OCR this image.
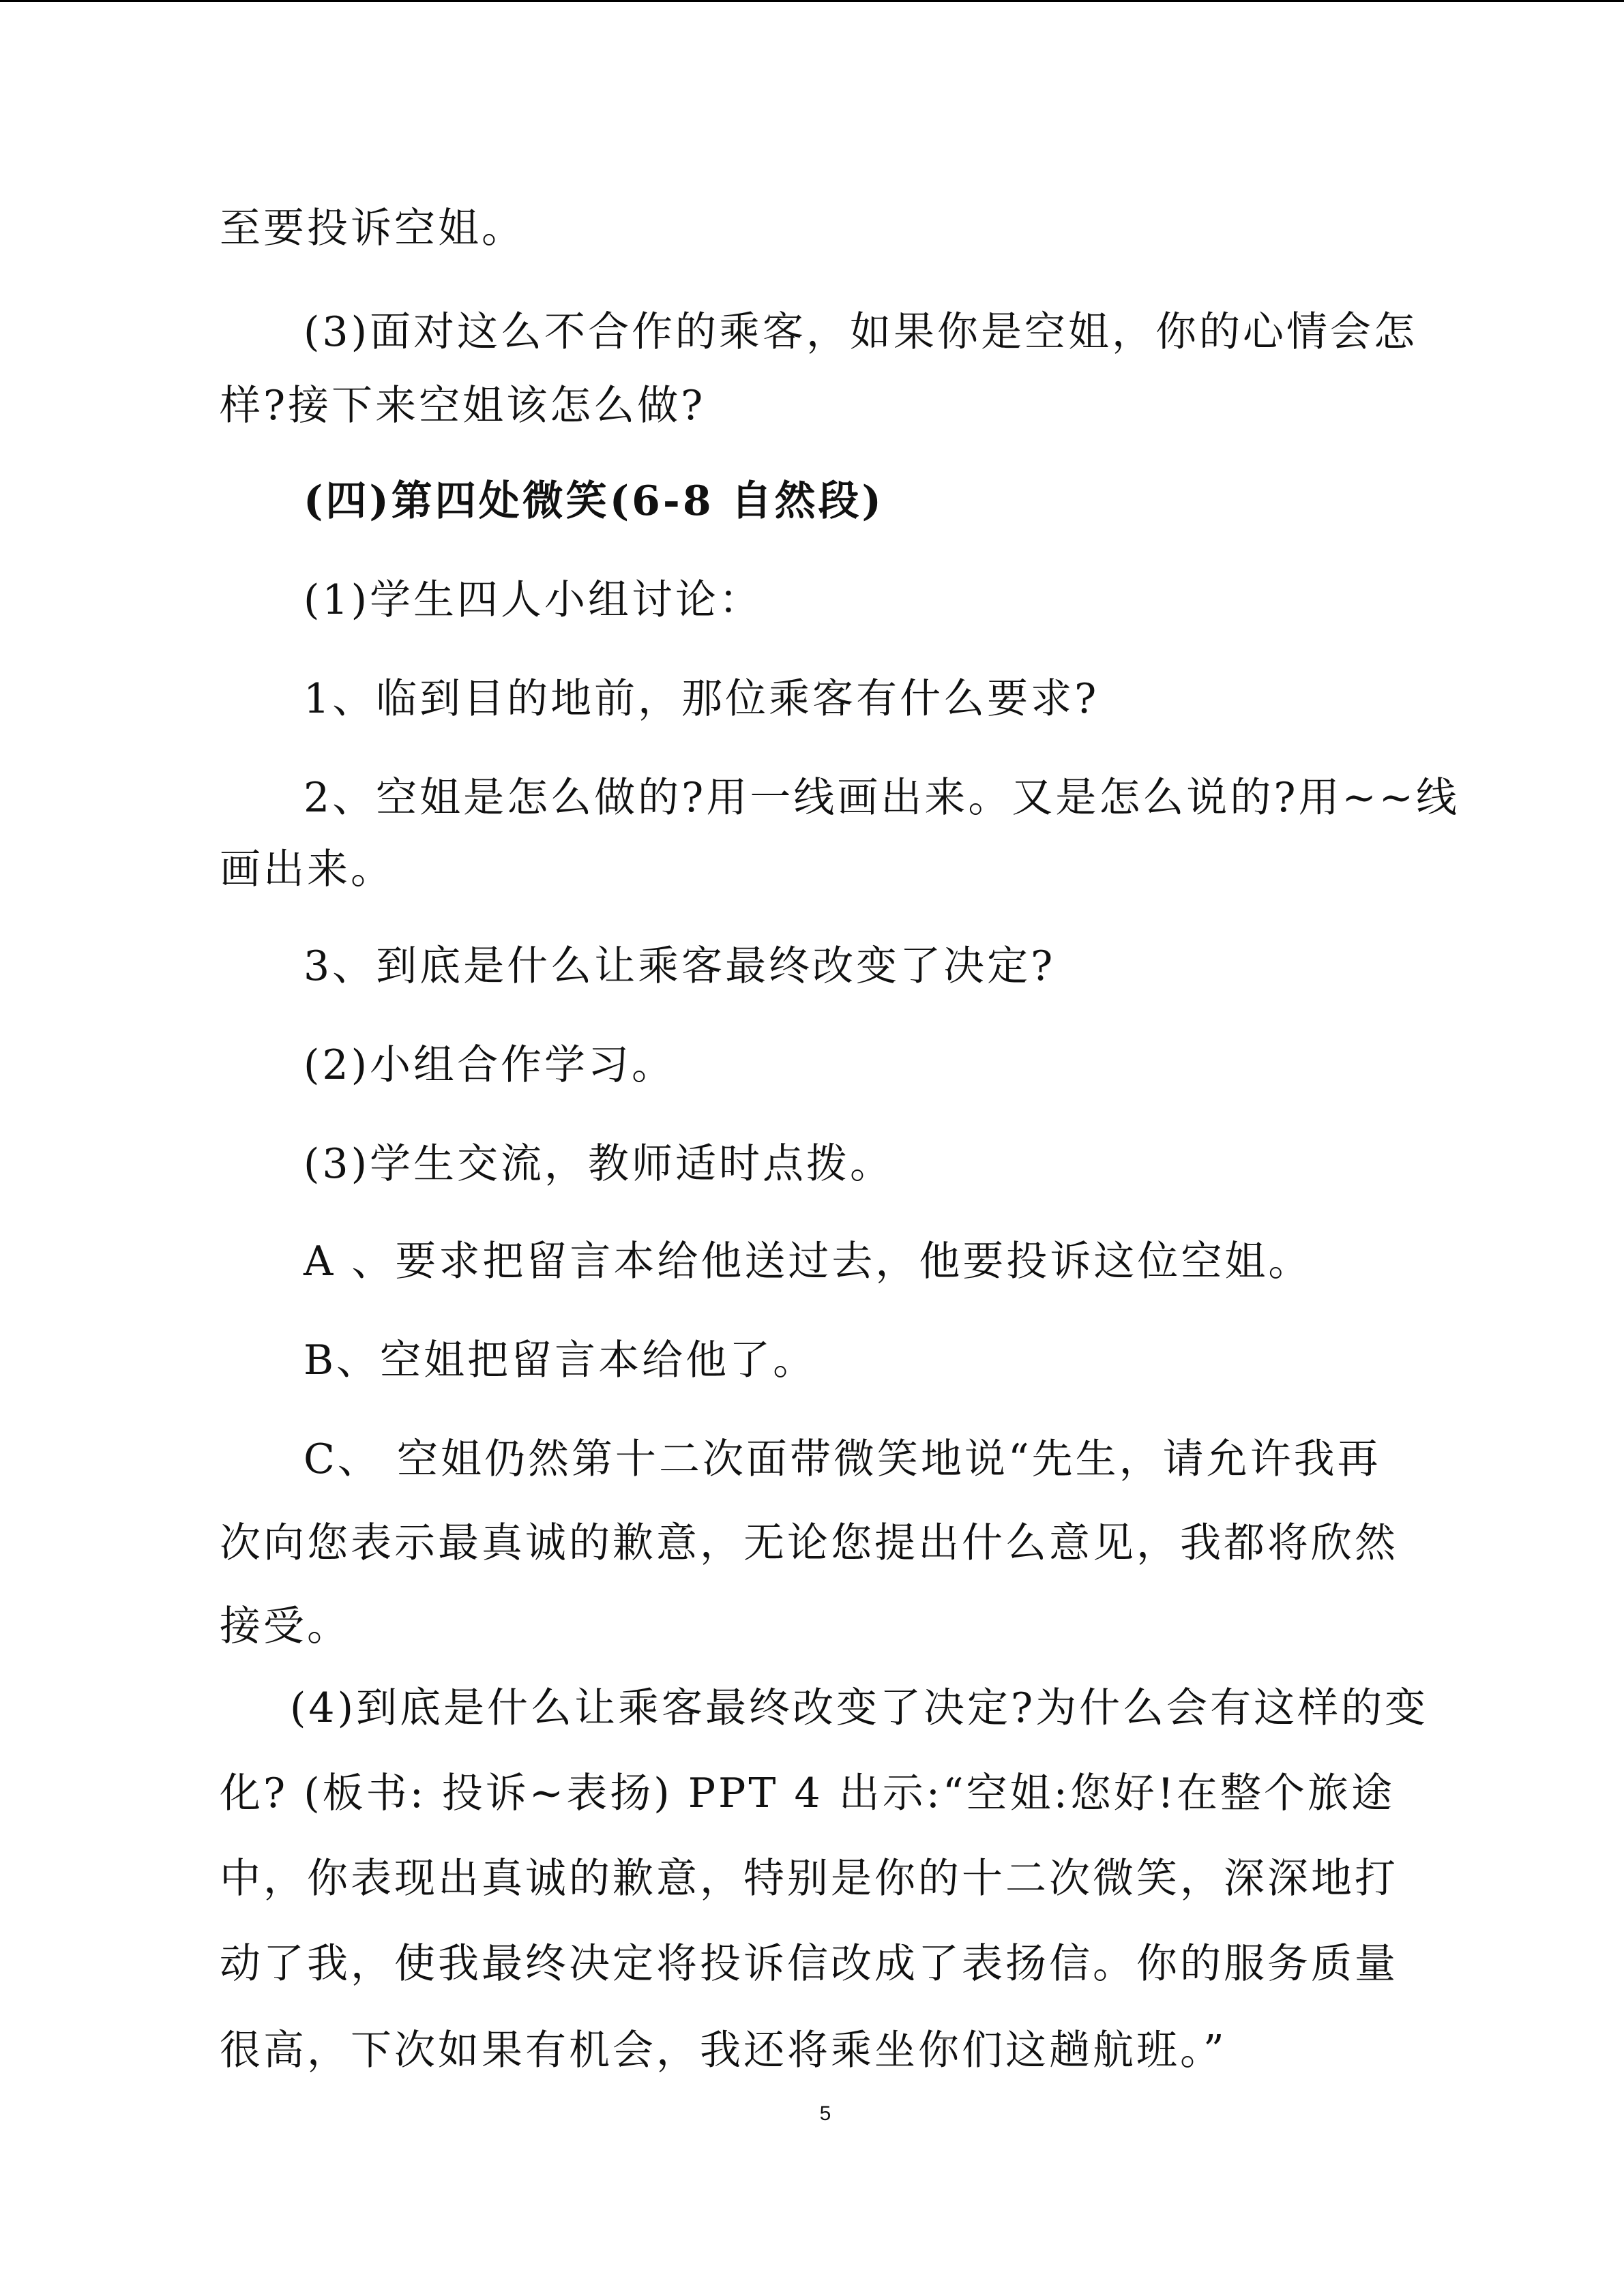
至要投诉空姐。
(3)面对这么不合作的乘客，如果你是空姐，你的心情会怎
样?接下来空姐该怎么做?
(四)第四处微笑(6-8 自然段)
(1)学生四人小组讨论：
1、临到目的地前，那位乘客有什么要求?
2、空姐是怎么做的?用一线画出来。又是怎么说的?用~~线
画出来。
3、到底是什么让乘客最终改变了决定?
(2)小组合作学习。
(3)学生交流，教师适时点拨。
A 、要求把留言本给他送过去，他要投诉这位空姐。
B、空姐把留言本给他了。
C、 空姐仍然第十二次面带微笑地说“先生，请允许我再
次向您表示最真诚的歉意，无论您提出什么意见，我都将欣然
接受。
(4)到底是什么让乘客最终改变了决定?为什么会有这样的变
化? (板书: 投诉~表扬) PPT 4 出示:“空姐:您好!在整个旅途
中，你表现出真诚的歉意，特别是你的十二次微笑，深深地打
动了我，使我最终决定将投诉信改成了表扬信。你的服务质量
很高，下次如果有机会，我还将乘坐你们这趟航班。”
5
